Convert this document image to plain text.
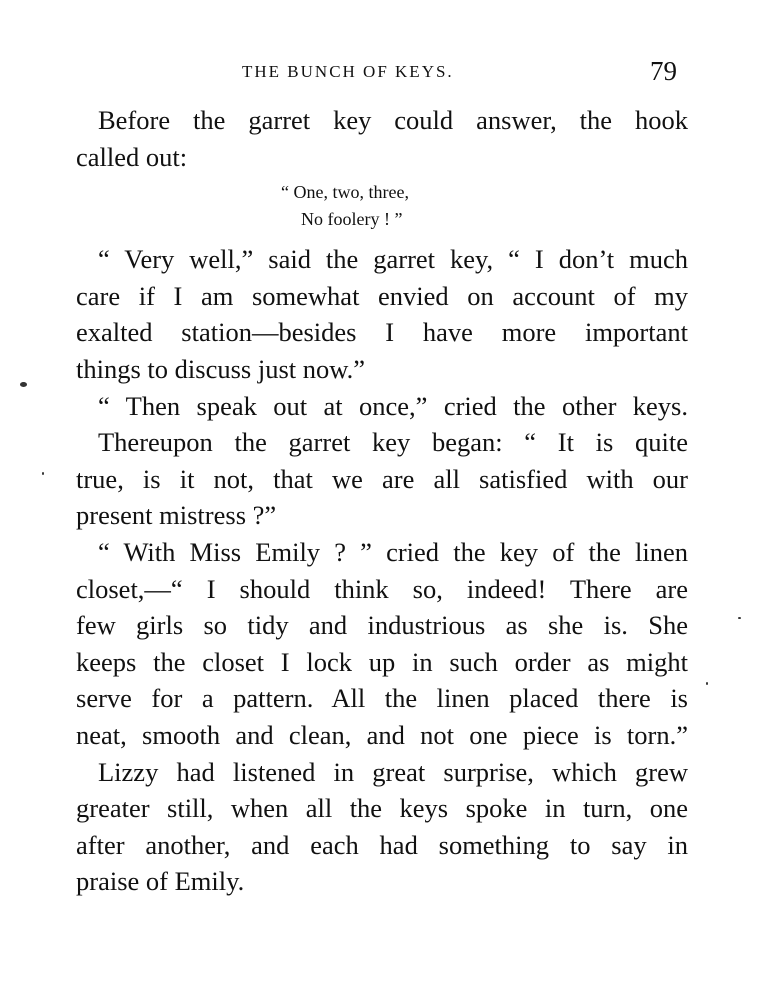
THE BUNCH OF KEYS.	79
Before the garret key could answer, the hook
called out:
“ One, two, three,
No foolery ! ”
“ Very well,” said the garret key, “ I don’t much
care if I am somewhat envied on account of my
exalted station—besides I have more important
things to discuss just now.”
“ Then speak out at once,” cried the other keys.
Thereupon the garret key began: “ It is quite
true, is it not, that we are all satisfied with our
present mistress ?”
“ With Miss Emily ? ” cried the key of the linen
closet,—“ I should think so, indeed! There are
few girls so tidy and industrious as she is. She
keeps the closet I lock up in such order as might
serve for a pattern. All the linen placed there is
neat, smooth and clean, and not one piece is torn.”
Lizzy had listened in great surprise, which grew
greater still, when all the keys spoke in turn, one
after another, and each had something to say in
praise of Emily.
